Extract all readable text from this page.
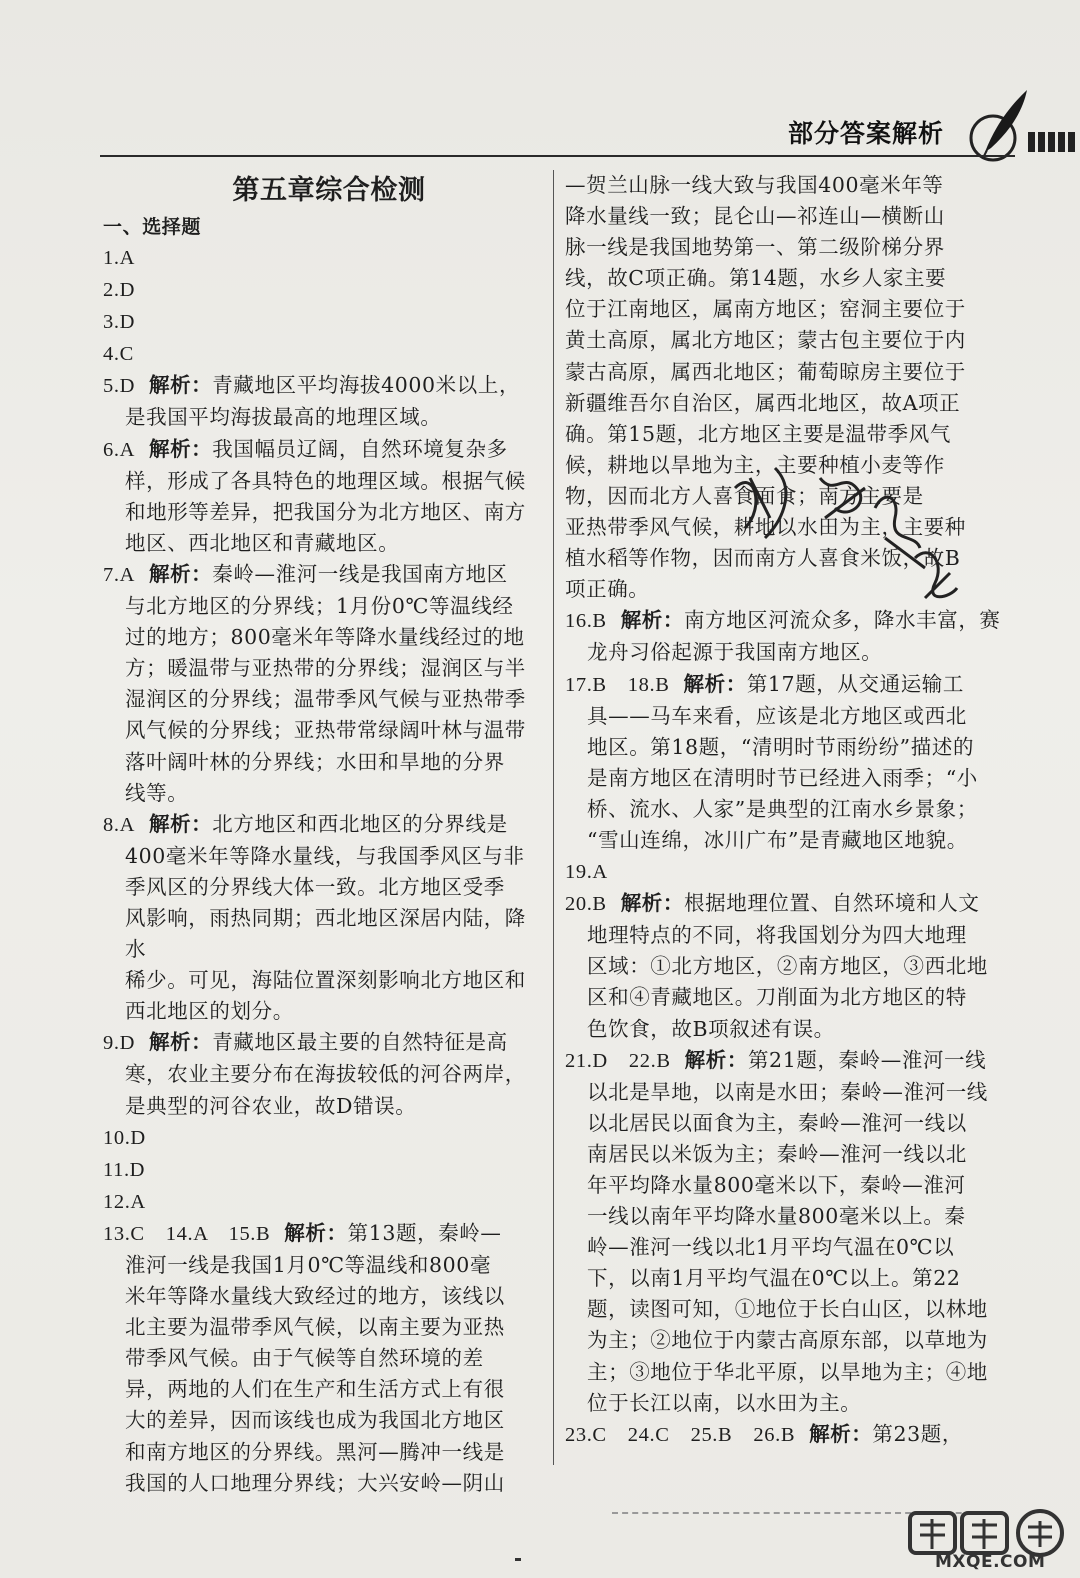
部分答案解析
第五章综合检测
一、选择题
1.A
2.D
3.D
4.C
5.D 解析：青藏地区平均海拔4000米以上，
是我国平均海拔最高的地理区域。
6.A 解析：我国幅员辽阔，自然环境复杂多
样，形成了各具特色的地理区域。根据气候
和地形等差异，把我国分为北方地区、南方
地区、西北地区和青藏地区。
7.A 解析：秦岭—淮河一线是我国南方地区
与北方地区的分界线；1月份0℃等温线经
过的地方；800毫米年等降水量线经过的地
方；暖温带与亚热带的分界线；湿润区与半
湿润区的分界线；温带季风气候与亚热带季
风气候的分界线；亚热带常绿阔叶林与温带
落叶阔叶林的分界线；水田和旱地的分界
线等。
8.A 解析：北方地区和西北地区的分界线是
400毫米年等降水量线，与我国季风区与非
季风区的分界线大体一致。北方地区受季
风影响，雨热同期；西北地区深居内陆，降水
稀少。可见，海陆位置深刻影响北方地区和
西北地区的划分。
9.D 解析：青藏地区最主要的自然特征是高
寒，农业主要分布在海拔较低的河谷两岸，
是典型的河谷农业，故D错误。
10.D
11.D
12.A
13.C　14.A　15.B 解析：第13题，秦岭—
淮河一线是我国1月0℃等温线和800毫
米年等降水量线大致经过的地方，该线以
北主要为温带季风气候，以南主要为亚热
带季风气候。由于气候等自然环境的差
异，两地的人们在生产和生活方式上有很
大的差异，因而该线也成为我国北方地区
和南方地区的分界线。黑河—腾冲一线是
我国的人口地理分界线；大兴安岭—阴山
—贺兰山脉一线大致与我国400毫米年等
降水量线一致；昆仑山—祁连山—横断山
脉一线是我国地势第一、第二级阶梯分界
线，故C项正确。第14题，水乡人家主要
位于江南地区，属南方地区；窑洞主要位于
黄土高原，属北方地区；蒙古包主要位于内
蒙古高原，属西北地区；葡萄晾房主要位于
新疆维吾尔自治区，属西北地区，故A项正
确。第15题，北方地区主要是温带季风气
候，耕地以旱地为主，主要种植小麦等作
物，因而北方人喜食面食；南方主要是
亚热带季风气候，耕地以水田为主，主要种
植水稻等作物，因而南方人喜食米饭，故B
项正确。
16.B 解析：南方地区河流众多，降水丰富，赛
龙舟习俗起源于我国南方地区。
17.B　18.B 解析：第17题，从交通运输工
具——马车来看，应该是北方地区或西北
地区。第18题，“清明时节雨纷纷”描述的
是南方地区在清明时节已经进入雨季；“小
桥、流水、人家”是典型的江南水乡景象；
“雪山连绵，冰川广布”是青藏地区地貌。
19.A
20.B 解析：根据地理位置、自然环境和人文
地理特点的不同，将我国划分为四大地理
区域：①北方地区，②南方地区，③西北地
区和④青藏地区。刀削面为北方地区的特
色饮食，故B项叙述有误。
21.D　22.B 解析：第21题，秦岭—淮河一线
以北是旱地，以南是水田；秦岭—淮河一线
以北居民以面食为主，秦岭—淮河一线以
南居民以米饭为主；秦岭—淮河一线以北
年平均降水量800毫米以下，秦岭—淮河
一线以南年平均降水量800毫米以上。秦
岭—淮河一线以北1月平均气温在0℃以
下，以南1月平均气温在0℃以上。第22
题，读图可知，①地位于长白山区，以林地
为主；②地位于内蒙古高原东部，以草地为
主；③地位于华北平原，以旱地为主；④地
位于长江以南，以水田为主。
23.C　24.C　25.B　26.B 解析：第23题，
MXQE.COM
